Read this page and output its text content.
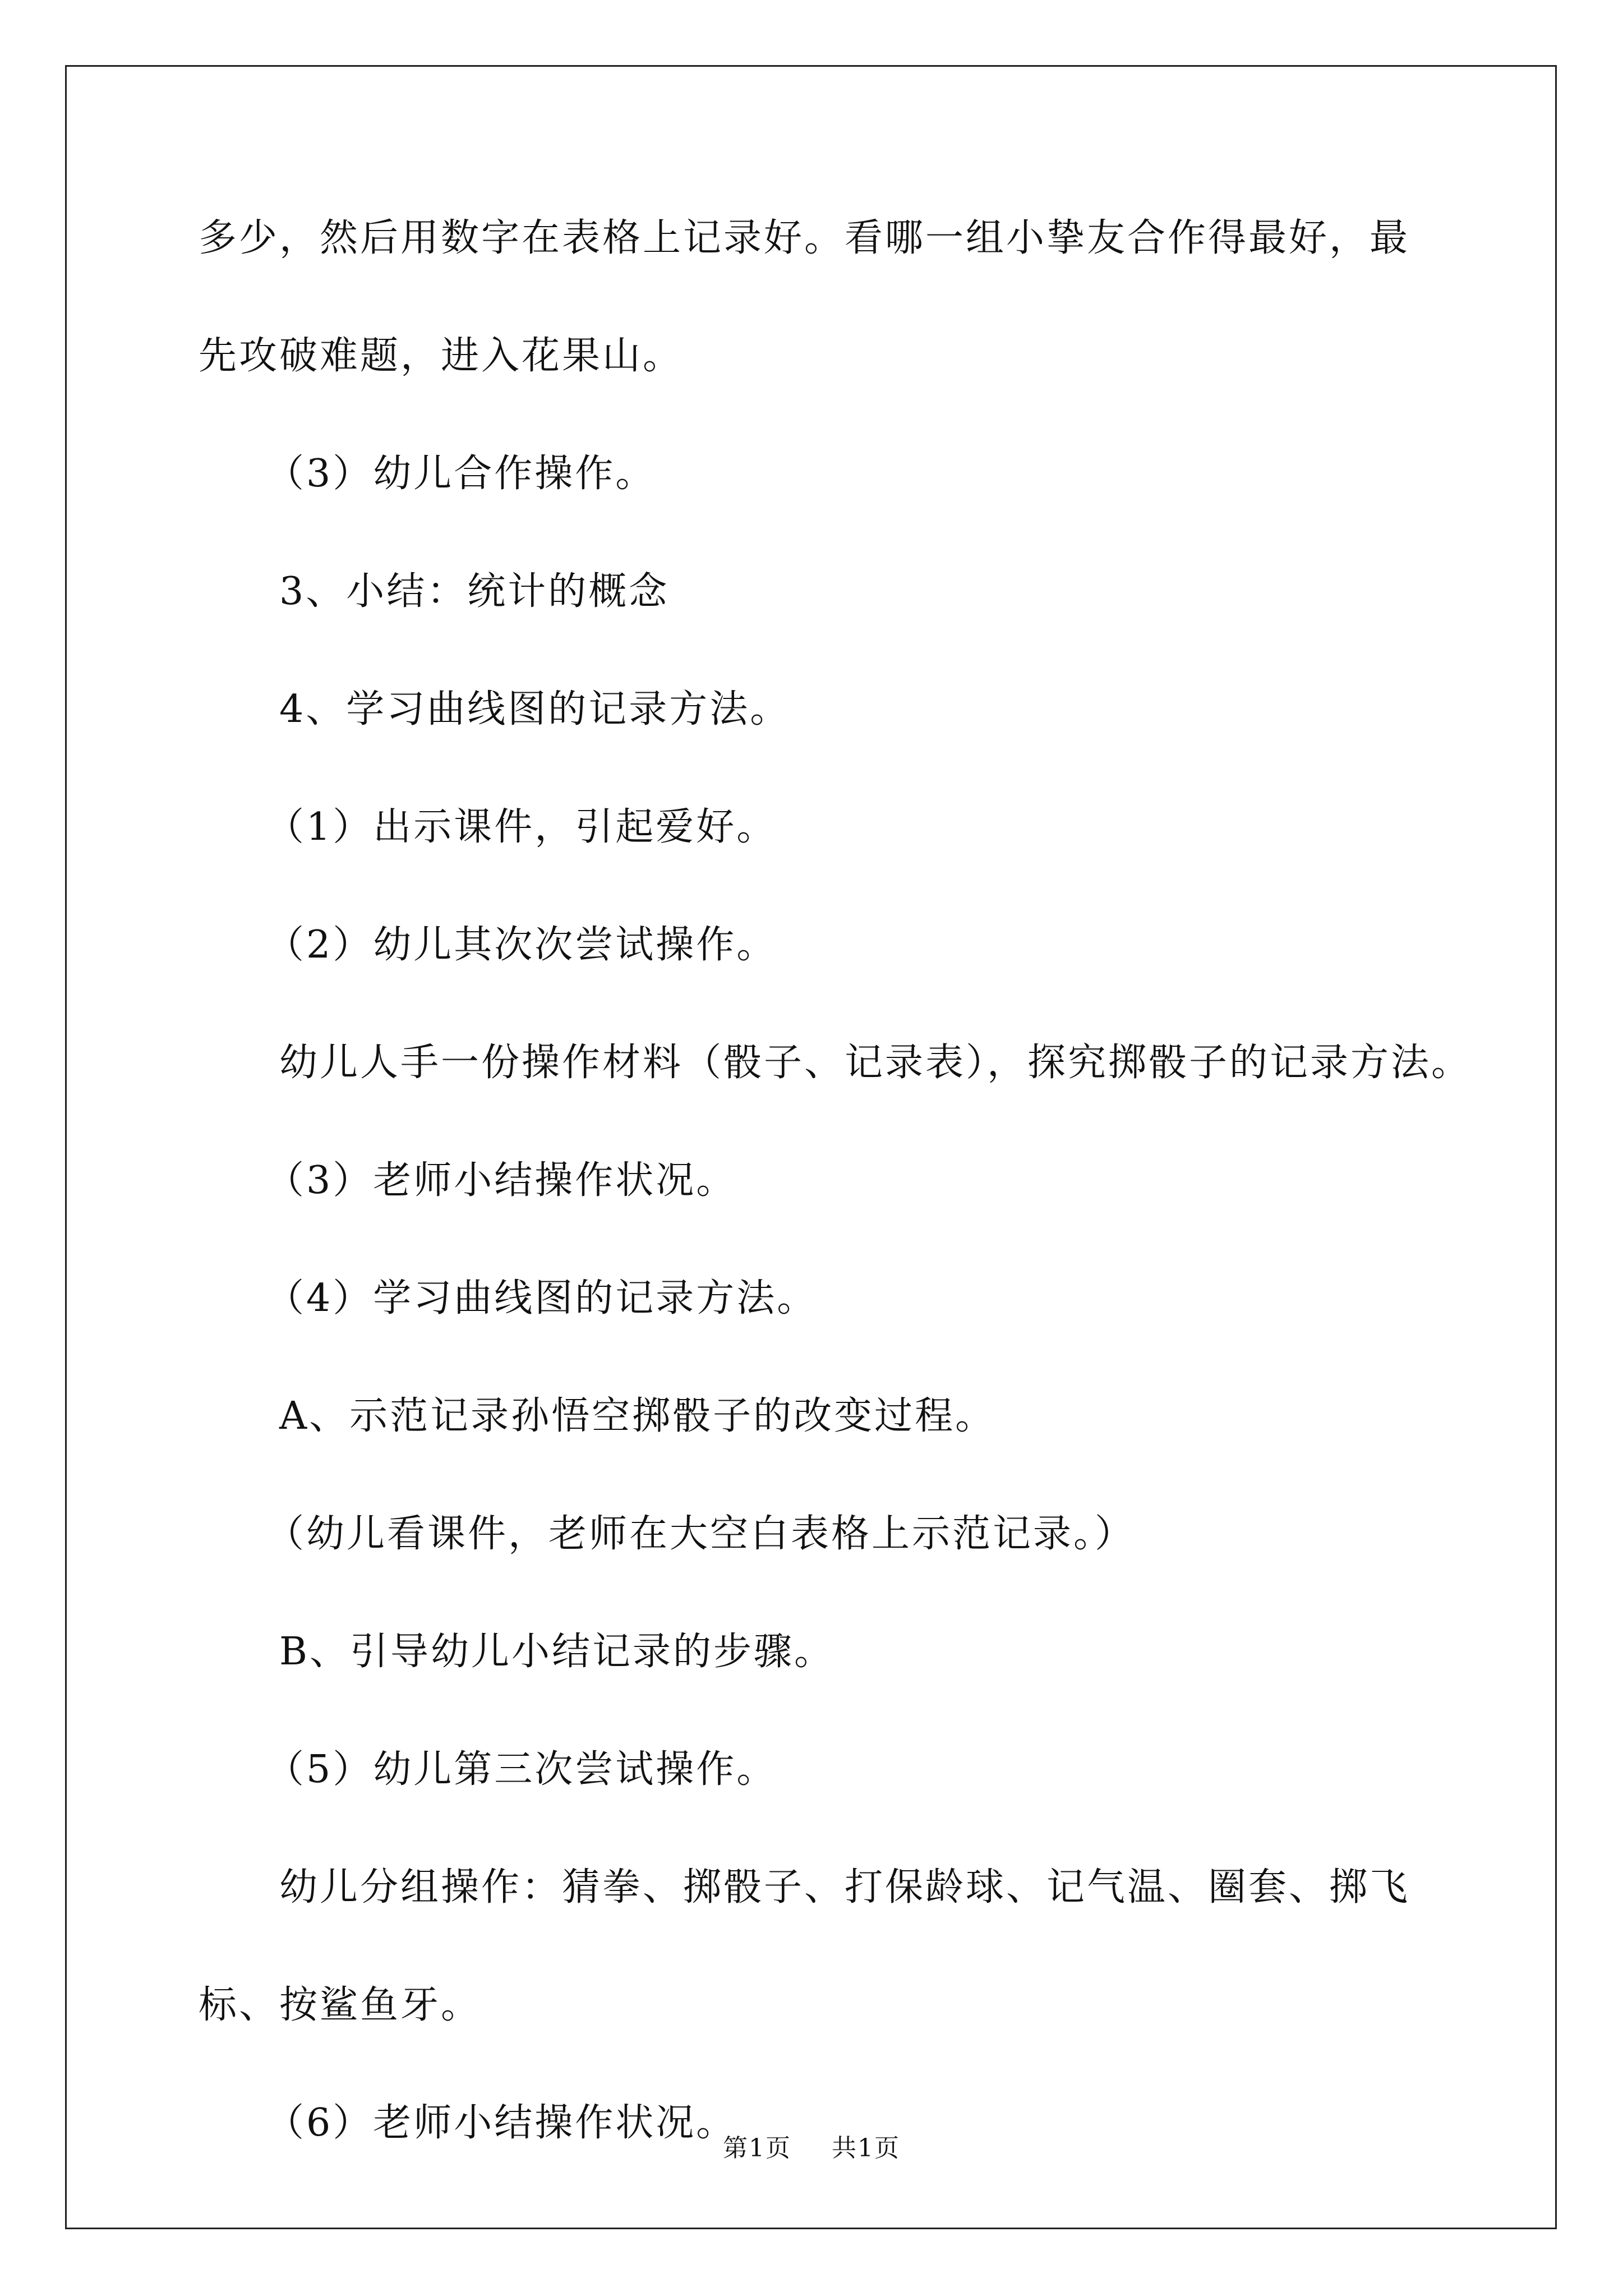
多少，然后用数字在表格上记录好。看哪一组小挚友合作得最好，最
先攻破难题，进入花果山。

（3）幼儿合作操作。

3、小结：统计的概念

4、学习曲线图的记录方法。

（1）出示课件，引起爱好。

（2）幼儿其次次尝试操作。

幼儿人手一份操作材料（骰子、记录表），探究掷骰子的记录方法。

（3）老师小结操作状况。

（4）学习曲线图的记录方法。

A、示范记录孙悟空掷骰子的改变过程。

（幼儿看课件，老师在大空白表格上示范记录。）

B、引导幼儿小结记录的步骤。

（5）幼儿第三次尝试操作。

幼儿分组操作：猜拳、掷骰子、打保龄球、记气温、圈套、掷飞
标、按鲨鱼牙。

（6）老师小结操作状况。

第1页 共1页
